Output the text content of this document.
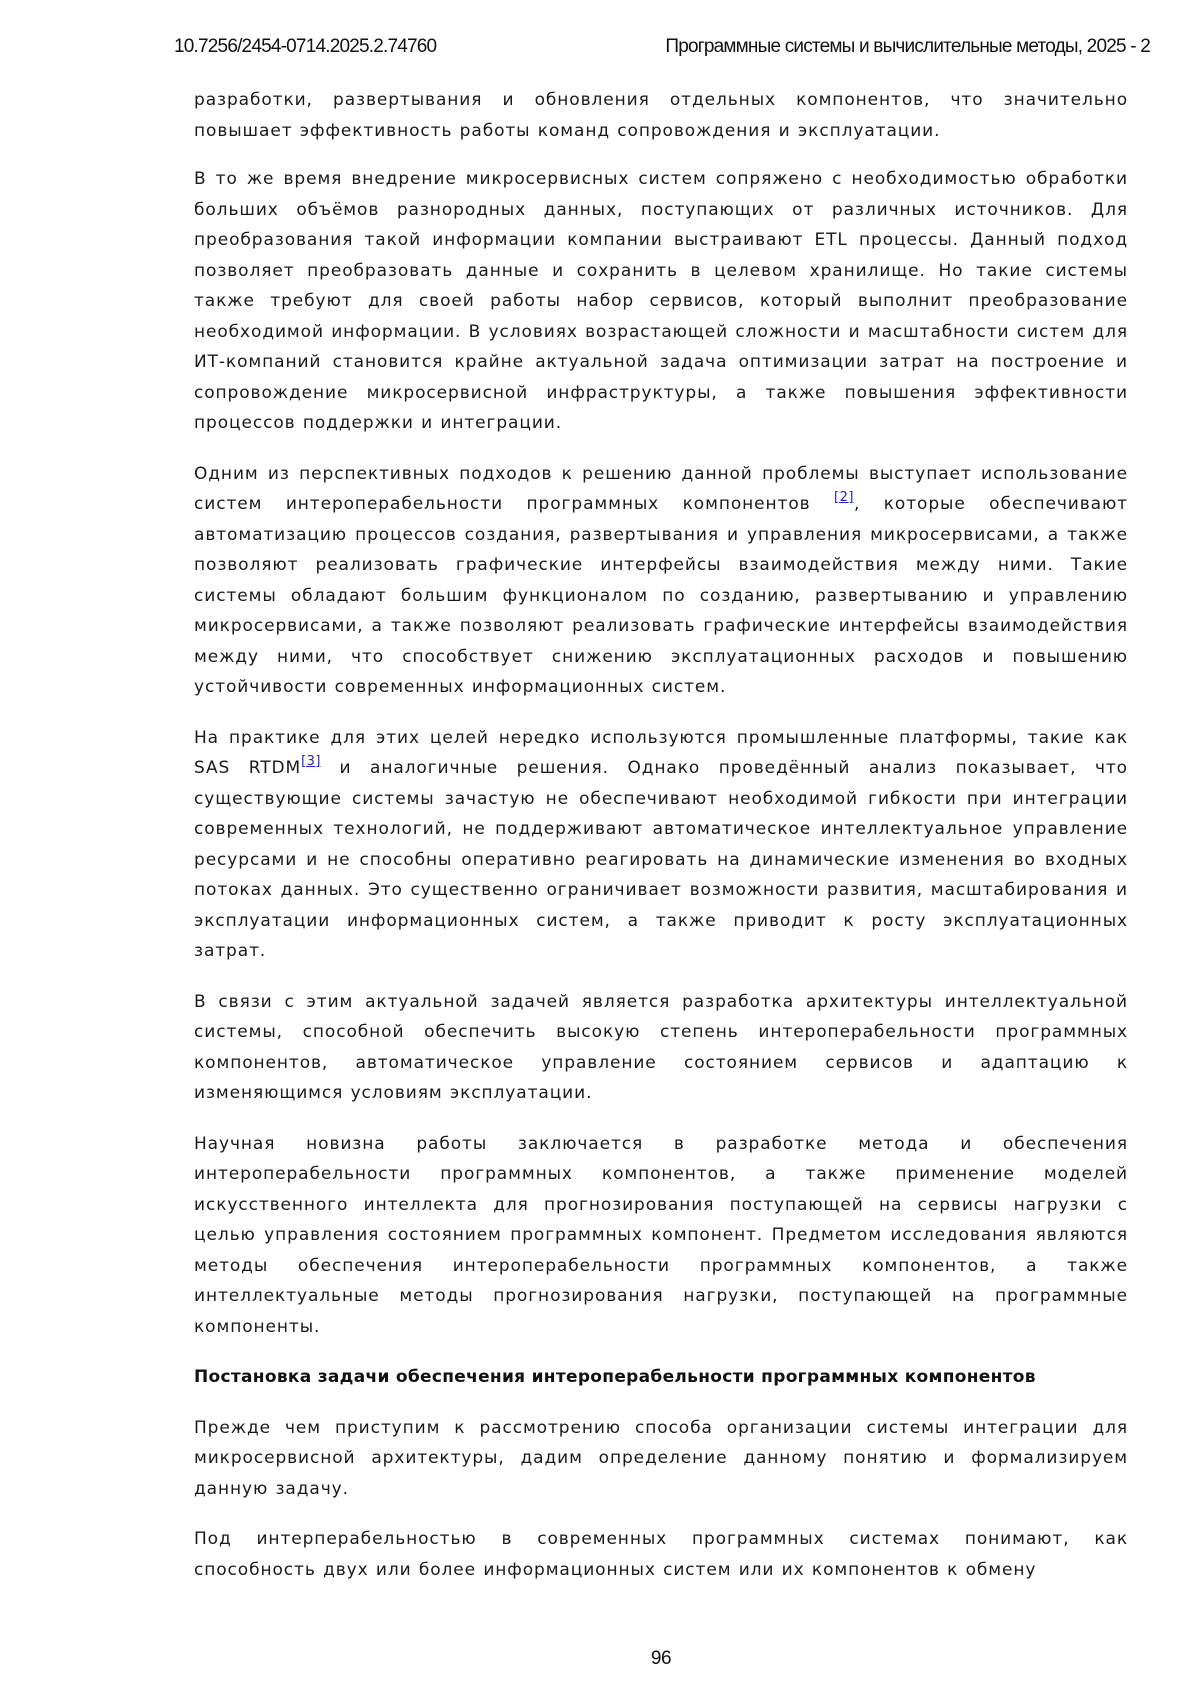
10.7256/2454-0714.2025.2.74760	Программные системы и вычислительные методы, 2025 - 2

разработки, развертывания и обновления отдельных компонентов, что значительно повышает эффективность работы команд сопровождения и эксплуатации.

В то же время внедрение микросервисных систем сопряжено с необходимостью обработки больших объёмов разнородных данных, поступающих от различных источников. Для преобразования такой информации компании выстраивают ETL процессы. Данный подход позволяет преобразовать данные и сохранить в целевом хранилище. Но такие системы также требуют для своей работы набор сервисов, который выполнит преобразование необходимой информации. В условиях возрастающей сложности и масштабности систем для ИТ-компаний становится крайне актуальной задача оптимизации затрат на построение и сопровождение микросервисной инфраструктуры, а также повышения эффективности процессов поддержки и интеграции.

Одним из перспективных подходов к решению данной проблемы выступает использование систем интероперабельности программных компонентов [2], которые обеспечивают автоматизацию процессов создания, развертывания и управления микросервисами, а также позволяют реализовать графические интерфейсы взаимодействия между ними. Такие системы обладают большим функционалом по созданию, развертыванию и управлению микросервисами, а также позволяют реализовать графические интерфейсы взаимодействия между ними, что способствует снижению эксплуатационных расходов и повышению устойчивости современных информационных систем.

На практике для этих целей нередко используются промышленные платформы, такие как SAS RTDM[3] и аналогичные решения. Однако проведённый анализ показывает, что существующие системы зачастую не обеспечивают необходимой гибкости при интеграции современных технологий, не поддерживают автоматическое интеллектуальное управление ресурсами и не способны оперативно реагировать на динамические изменения во входных потоках данных. Это существенно ограничивает возможности развития, масштабирования и эксплуатации информационных систем, а также приводит к росту эксплуатационных затрат.

В связи с этим актуальной задачей является разработка архитектуры интеллектуальной системы, способной обеспечить высокую степень интероперабельности программных компонентов, автоматическое управление состоянием сервисов и адаптацию к изменяющимся условиям эксплуатации.

Научная новизна работы заключается в разработке метода и обеспечения интероперабельности программных компонентов, а также применение моделей искусственного интеллекта для прогнозирования поступающей на сервисы нагрузки с целью управления состоянием программных компонент. Предметом исследования являются методы обеспечения интероперабельности программных компонентов, а также интеллектуальные методы прогнозирования нагрузки, поступающей на программные компоненты.

Постановка задачи обеспечения интероперабельности программных компонентов

Прежде чем приступим к рассмотрению способа организации системы интеграции для микросервисной архитектуры, дадим определение данному понятию и формализируем данную задачу.

Под интерперабельностью в современных программных системах понимают, как способность двух или более информационных систем или их компонентов к обмену

96
